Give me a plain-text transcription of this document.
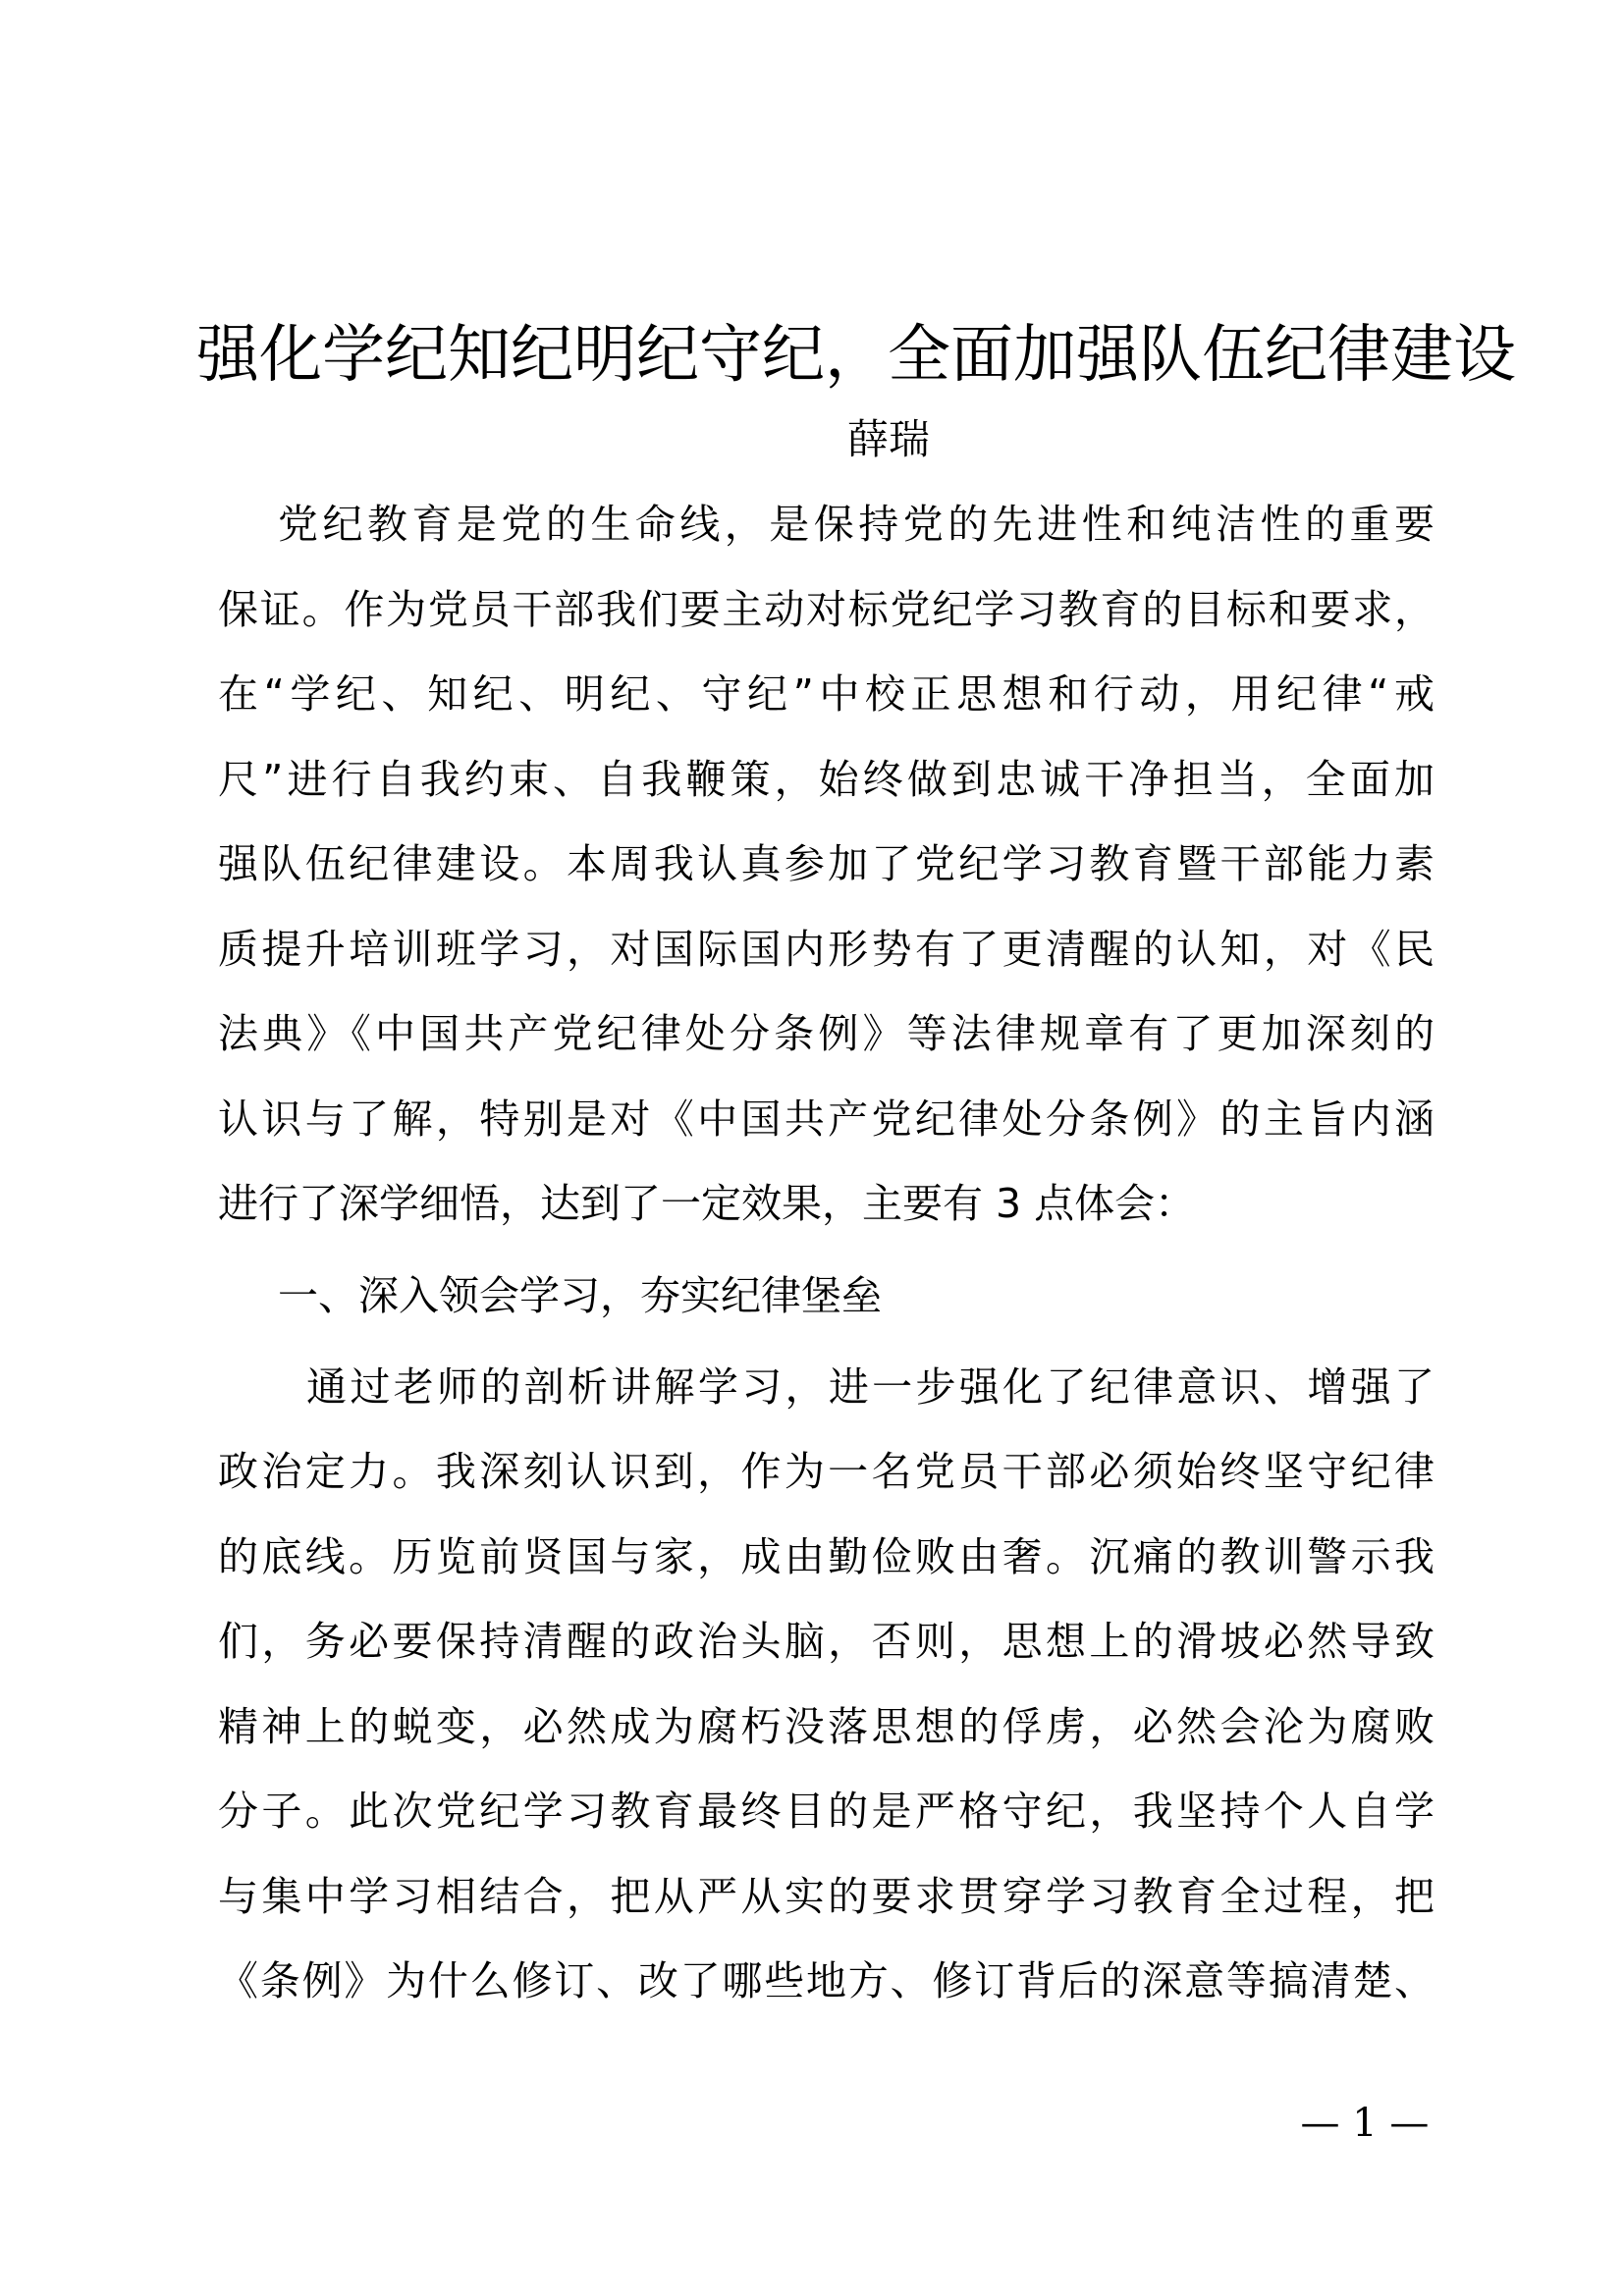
强化学纪知纪明纪守纪，全面加强队伍纪律建设
薛瑞
党纪教育是党的生命线，是保持党的先进性和纯洁性的重要
保证。作为党员干部我们要主动对标党纪学习教育的目标和要求，
在“学纪、知纪、明纪、守纪”中校正思想和行动，用纪律“戒
尺”进行自我约束、自我鞭策，始终做到忠诚干净担当，全面加
强队伍纪律建设。本周我认真参加了党纪学习教育暨干部能力素
质提升培训班学习，对国际国内形势有了更清醒的认知，对《民
法典》《中国共产党纪律处分条例》等法律规章有了更加深刻的
认识与了解，特别是对《中国共产党纪律处分条例》的主旨内涵
进行了深学细悟，达到了一定效果，主要有 3 点体会：
一、深入领会学习，夯实纪律堡垒
通过老师的剖析讲解学习，进一步强化了纪律意识、增强了
政治定力。我深刻认识到，作为一名党员干部必须始终坚守纪律
的底线。历览前贤国与家，成由勤俭败由奢。沉痛的教训警示我
们，务必要保持清醒的政治头脑，否则，思想上的滑坡必然导致
精神上的蜕变，必然成为腐朽没落思想的俘虏，必然会沦为腐败
分子。此次党纪学习教育最终目的是严格守纪，我坚持个人自学
与集中学习相结合，把从严从实的要求贯穿学习教育全过程，把
《条例》为什么修订、改了哪些地方、修订背后的深意等搞清楚、
— 1 —
